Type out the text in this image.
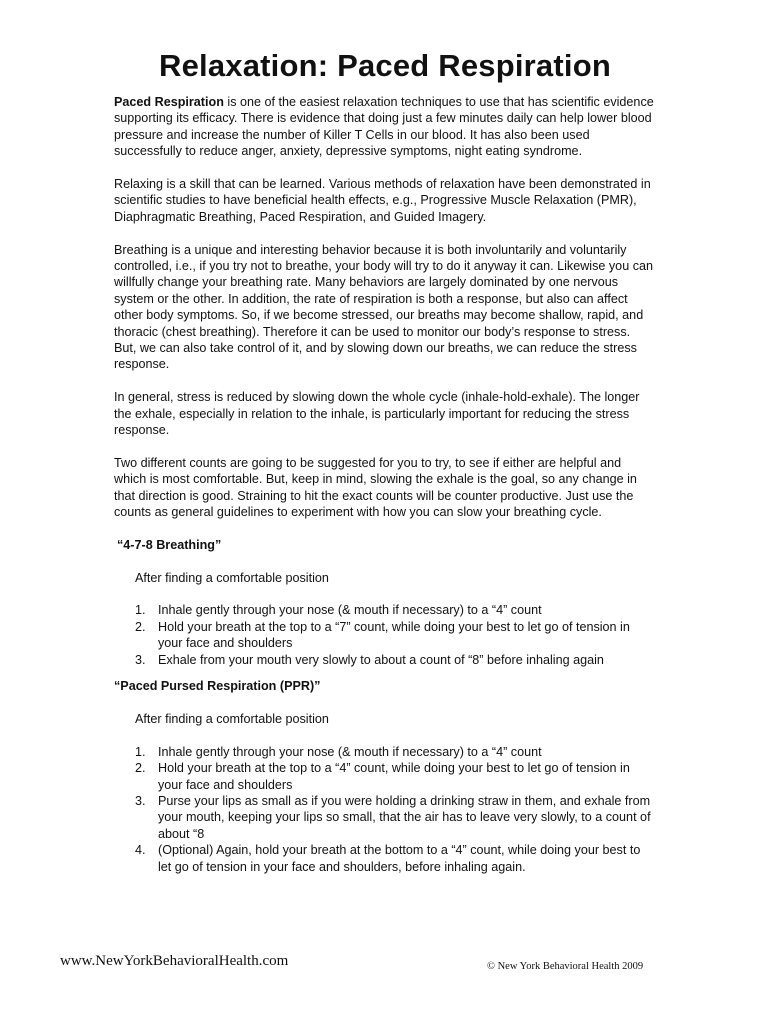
Relaxation: Paced Respiration

Paced Respiration is one of the easiest relaxation techniques to use that has scientific evidence supporting its efficacy. There is evidence that doing just a few minutes daily can help lower blood pressure and increase the number of Killer T Cells in our blood. It has also been used successfully to reduce anger, anxiety, depressive symptoms, night eating syndrome.

Relaxing is a skill that can be learned. Various methods of relaxation have been demonstrated in scientific studies to have beneficial health effects, e.g., Progressive Muscle Relaxation (PMR), Diaphragmatic Breathing, Paced Respiration, and Guided Imagery.

Breathing is a unique and interesting behavior because it is both involuntarily and voluntarily controlled, i.e., if you try not to breathe, your body will try to do it anyway it can. Likewise you can willfully change your breathing rate. Many behaviors are largely dominated by one nervous system or the other. In addition, the rate of respiration is both a response, but also can affect other body symptoms. So, if we become stressed, our breaths may become shallow, rapid, and thoracic (chest breathing). Therefore it can be used to monitor our body’s response to stress. But, we can also take control of it, and by slowing down our breaths, we can reduce the stress response.

In general, stress is reduced by slowing down the whole cycle (inhale-hold-exhale). The longer the exhale, especially in relation to the inhale, is particularly important for reducing the stress response.

Two different counts are going to be suggested for you to try, to see if either are helpful and which is most comfortable. But, keep in mind, slowing the exhale is the goal, so any change in that direction is good. Straining to hit the exact counts will be counter productive. Just use the counts as general guidelines to experiment with how you can slow your breathing cycle.

“4-7-8 Breathing”

After finding a comfortable position

1. Inhale gently through your nose (& mouth if necessary) to a “4” count
2. Hold your breath at the top to a “7” count, while doing your best to let go of tension in your face and shoulders
3. Exhale from your mouth very slowly to about a count of “8” before inhaling again

“Paced Pursed Respiration (PPR)”

After finding a comfortable position

1. Inhale gently through your nose (& mouth if necessary) to a “4” count
2. Hold your breath at the top to a “4” count, while doing your best to let go of tension in your face and shoulders
3. Purse your lips as small as if you were holding a drinking straw in them, and exhale from your mouth, keeping your lips so small, that the air has to leave very slowly, to a count of about “8
4. (Optional) Again, hold your breath at the bottom to a “4” count, while doing your best to let go of tension in your face and shoulders, before inhaling again.
www.NewYorkBehavioralHealth.com	© New York Behavioral Health 2009
